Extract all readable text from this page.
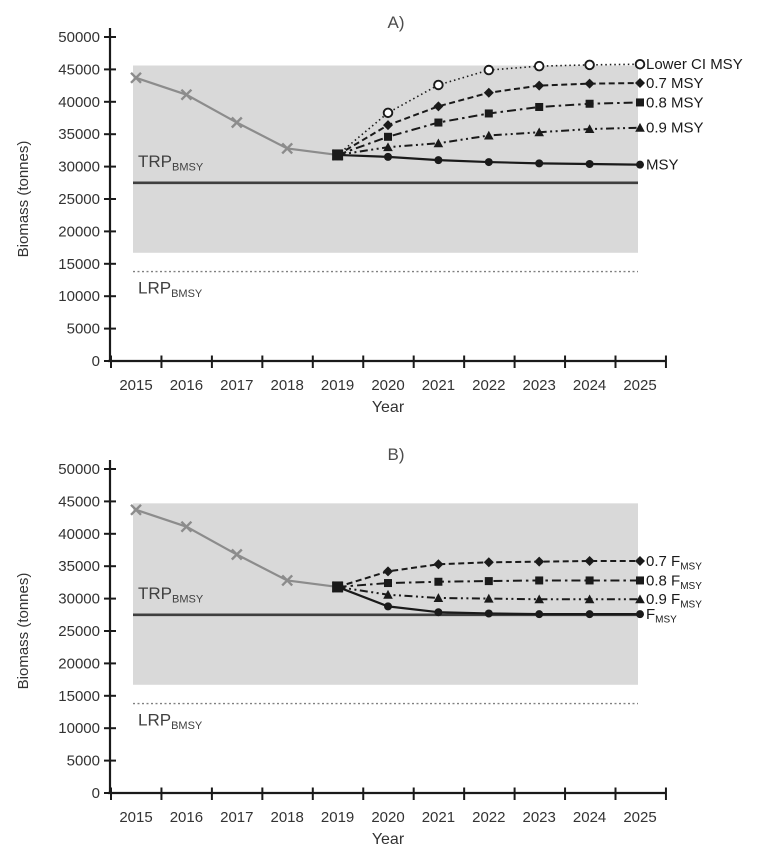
$TRP_{BMSY}$
$LRP_{BMSY}$
0
5000
10000
15000
20000
25000
30000
35000
40000
45000
50000
2015 2016 2017 2018 2019 2020 2021 2022 2023 2024 2025
Lower CI MSY
0.7 MSY
0.8 MSY
0.9 MSY
MSY
A)
Biomass (tonnes)
Year
$TRP_{BMSY}$
$LRP_{BMSY}$
0
5000
10000
15000
20000
25000
30000
35000
40000
45000
50000
2015 2016 2017 2018 2019 2020 2021 2022 2023 2024 2025
0.7 $F_{MSY}$
0.8 $F_{MSY}$
0.9 $F_{MSY}$
$F_{MSY}$
B)
Biomass (tonnes)
Year
